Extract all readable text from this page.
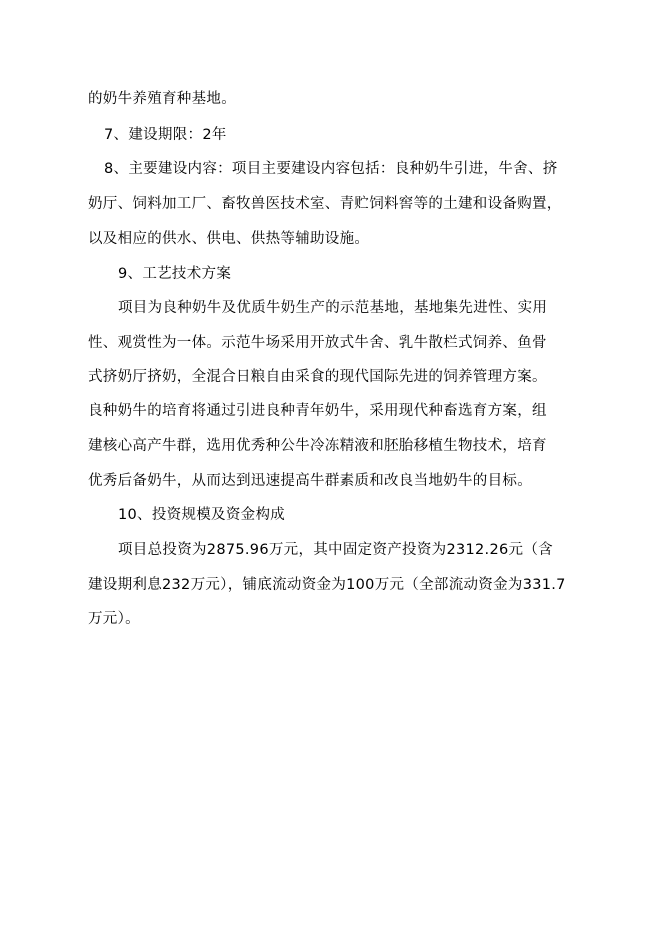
的奶牛养殖育种基地。
7、建设期限：2年
8、主要建设内容：项目主要建设内容包括：良种奶牛引进，牛舍、挤
奶厅、饲料加工厂、畜牧兽医技术室、青贮饲料窖等的土建和设备购置，
以及相应的供水、供电、供热等辅助设施。
9、工艺技术方案
项目为良种奶牛及优质牛奶生产的示范基地，基地集先进性、实用
性、观赏性为一体。示范牛场采用开放式牛舍、乳牛散栏式饲养、鱼骨
式挤奶厅挤奶，全混合日粮自由采食的现代国际先进的饲养管理方案。
良种奶牛的培育将通过引进良种青年奶牛，采用现代种畜选育方案，组
建核心高产牛群，选用优秀种公牛冷冻精液和胚胎移植生物技术，培育
优秀后备奶牛，从而达到迅速提高牛群素质和改良当地奶牛的目标。
10、投资规模及资金构成
项目总投资为2875.96万元，其中固定资产投资为2312.26元（含
建设期利息232万元），铺底流动资金为100万元（全部流动资金为331.7
万元）。
